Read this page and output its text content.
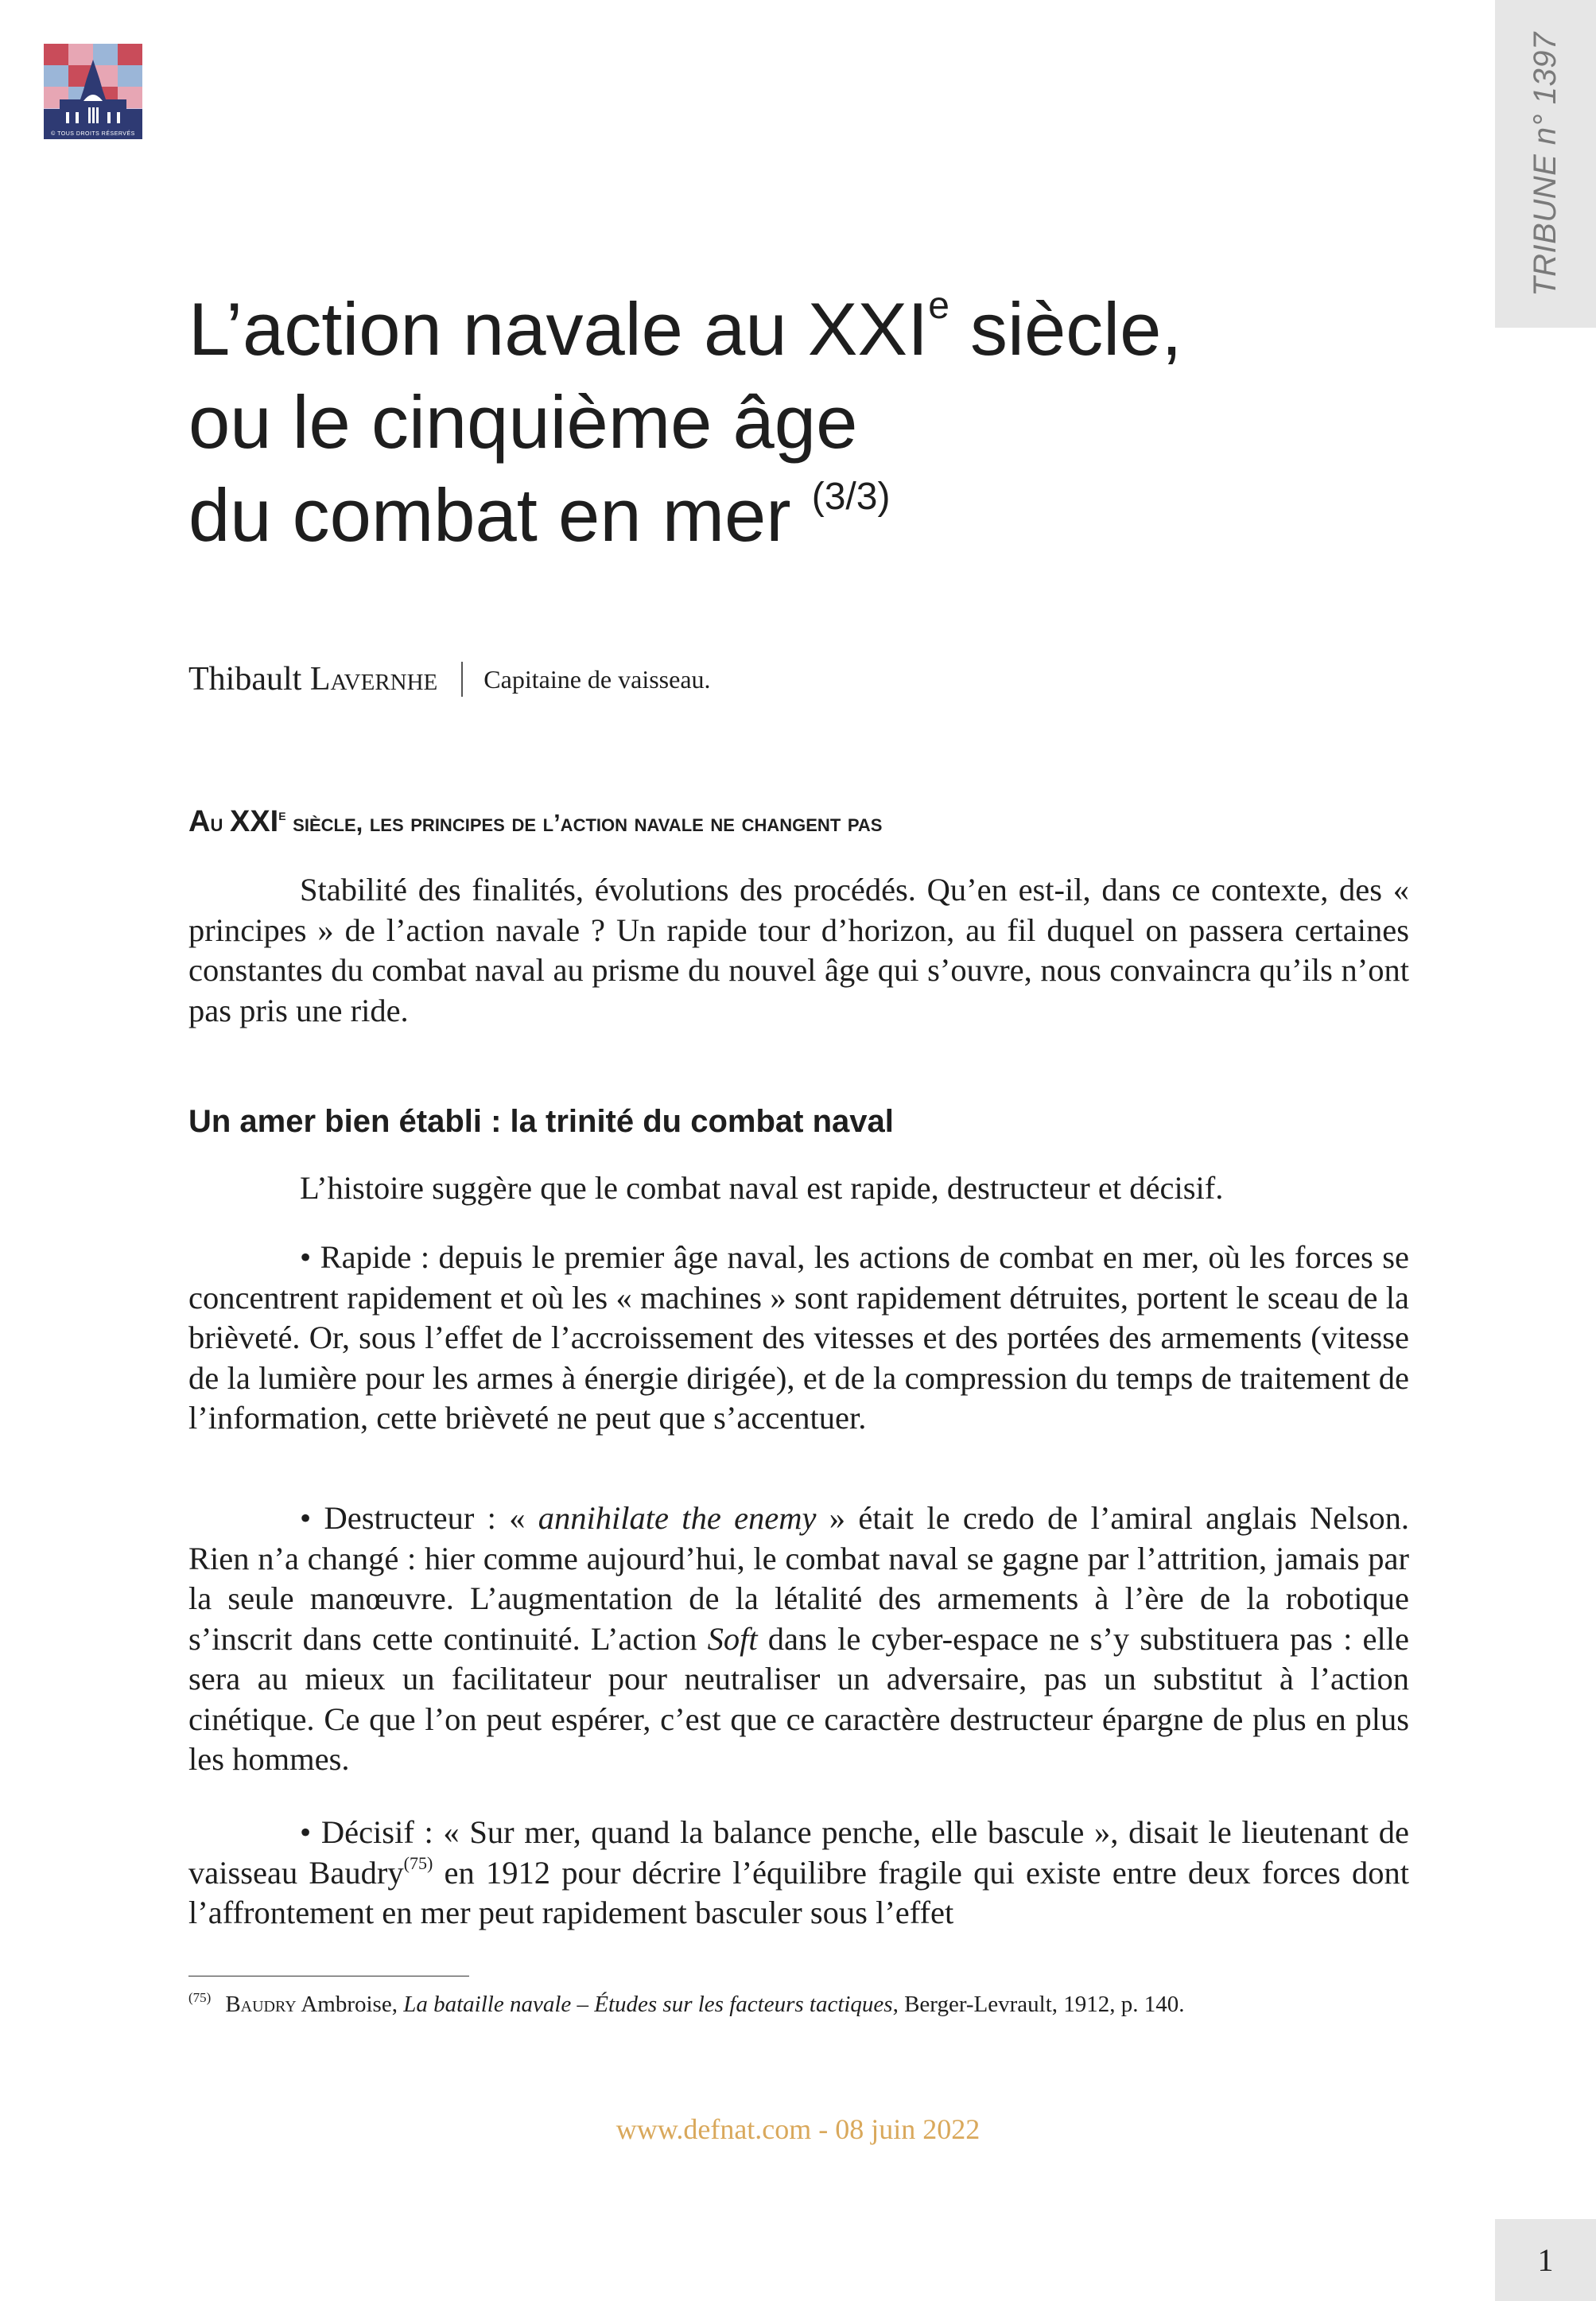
© TOUS DROITS RÉSERVÉS	TRIBUNE n° 1397
L’action navale au XXIe siècle,
ou le cinquième âge
du combat en mer $^{(3/3)}$
Thibault Lavernhe Capitaine de vaisseau.
Au XXIe siècle, les principes de l’action navale ne changent pas

Stabilité des finalités, évolutions des procédés. Qu’en est-il, dans ce contexte, des « principes » de l’action navale ? Un rapide tour d’horizon, au fil duquel on passera certaines constantes du combat naval au prisme du nouvel âge qui s’ouvre, nous convaincra qu’ils n’ont pas pris une ride.

Un amer bien établi : la trinité du combat naval

L’histoire suggère que le combat naval est rapide, destructeur et décisif.

• Rapide : depuis le premier âge naval, les actions de combat en mer, où les forces se concentrent rapidement et où les « machines » sont rapidement détruites, portent le sceau de la brièveté. Or, sous l’effet de l’accroissement des vitesses et des portées des armements (vitesse de la lumière pour les armes à énergie dirigée), et de la compression du temps de traitement de l’information, cette brièveté ne peut que s’accentuer.

• Destructeur : « annihilate the enemy » était le credo de l’amiral anglais Nelson. Rien n’a changé : hier comme aujourd’hui, le combat naval se gagne par l’attrition, jamais par la seule manœuvre. L’augmentation de la létalité des armements à l’ère de la robotique s’inscrit dans cette continuité. L’action Soft dans le cyber-espace ne s’y substituera pas : elle sera au mieux un facilitateur pour neutraliser un adversaire, pas un substitut à l’action cinétique. Ce que l’on peut espérer, c’est que ce caractère destructeur épargne de plus en plus les hommes.

• Décisif : « Sur mer, quand la balance penche, elle bascule », disait le lieutenant de vaisseau Baudry$^{(75)}$ en 1912 pour décrire l’équilibre fragile qui existe entre deux forces dont l’affrontement en mer peut rapidement basculer sous l’effet

$^{(75)}$ Baudry Ambroise, La bataille navale – Études sur les facteurs tactiques, Berger-Levrault, 1912, p. 140.

www.defnat.com - 08 juin 2022
1
